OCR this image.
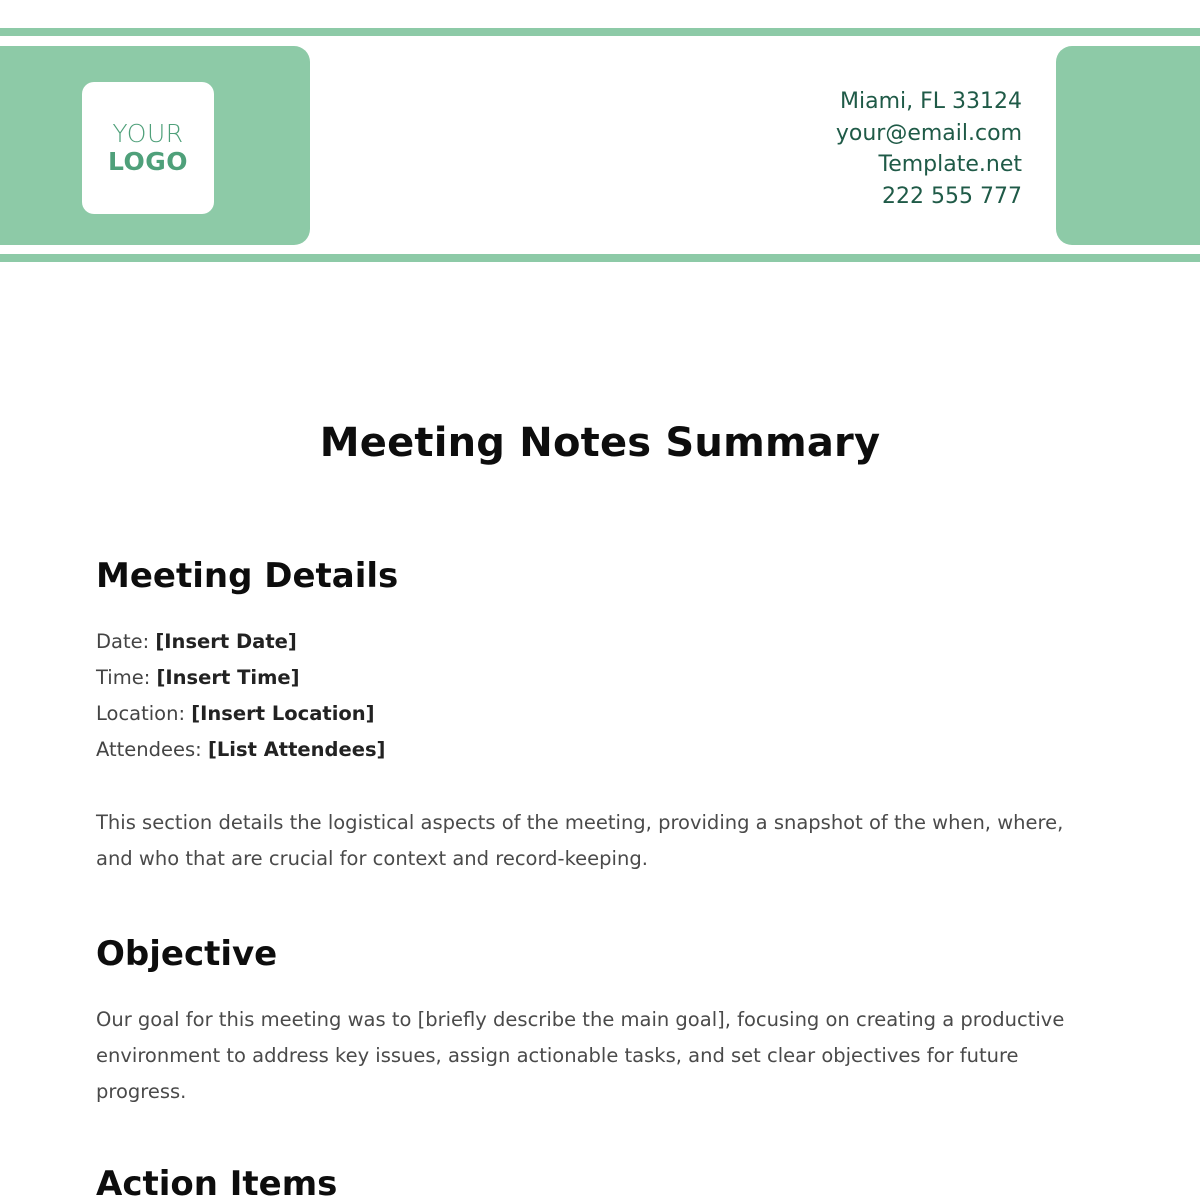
YOUR
LOGO
Miami, FL 33124
your@email.com
Template.net
222 555 777
Meeting Notes Summary
Meeting Details
Date: [Insert Date]
Time: [Insert Time]
Location: [Insert Location]
Attendees: [List Attendees]
This section details the logistical aspects of the meeting, providing a snapshot of the when, where, and who that are crucial for context and record-keeping.
Objective
Our goal for this meeting was to [briefly describe the main goal], focusing on creating a productive environment to address key issues, assign actionable tasks, and set clear objectives for future progress.
Action Items
